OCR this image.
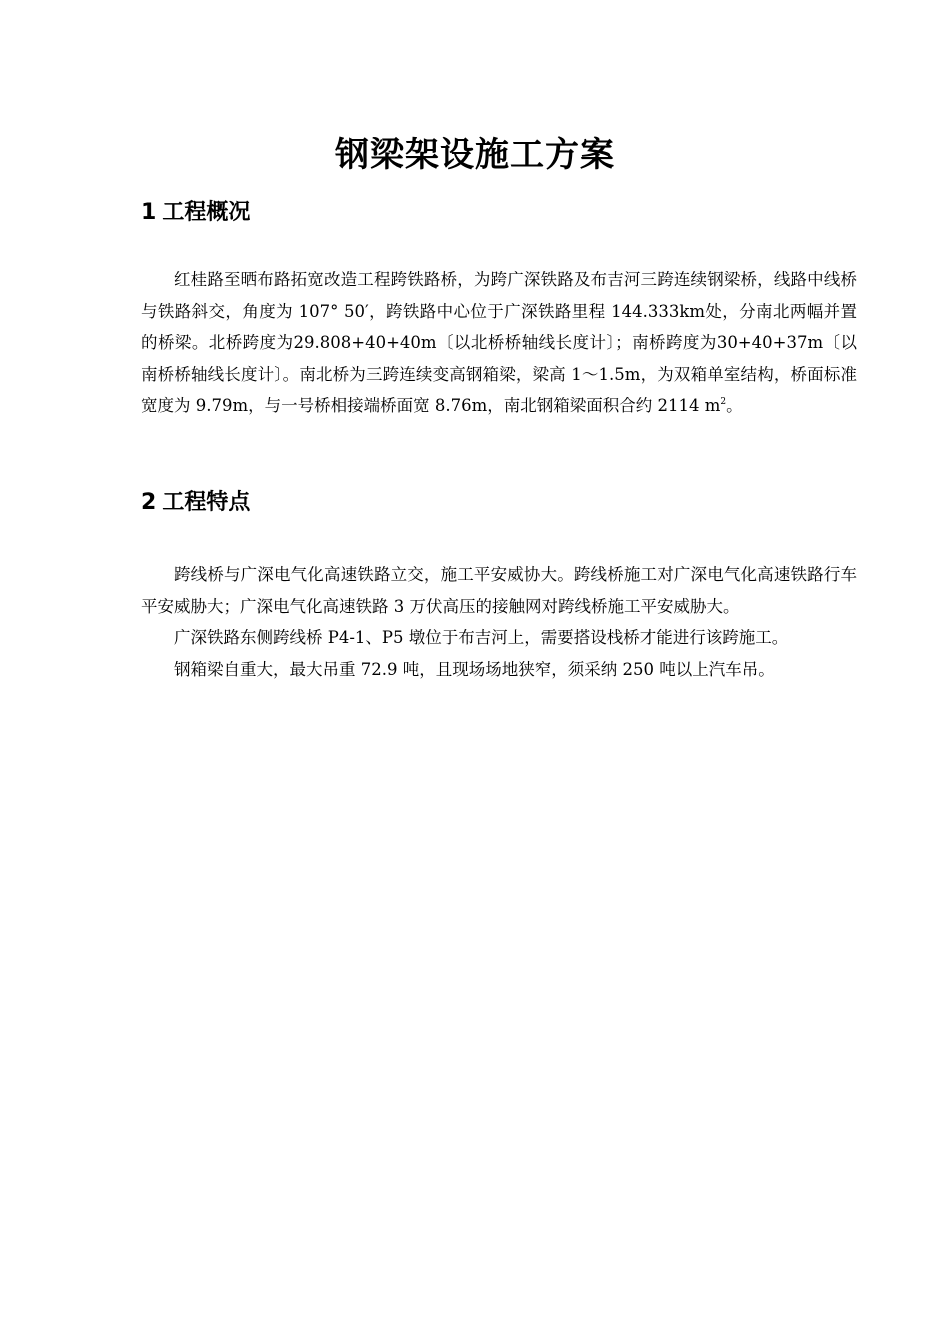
钢梁架设施工方案
1 工程概况

红桂路至晒布路拓宽改造工程跨铁路桥，为跨广深铁路及布吉河三跨连续钢梁桥，线路中线桥与铁路斜交，角度为 107° 50′，跨铁路中心位于广深铁路里程 144.333km处，分南北两幅并置的桥梁。北桥跨度为29.808+40+40m〔以北桥桥轴线长度计〕；南桥跨度为30+40+37m〔以南桥桥轴线长度计〕。南北桥为三跨连续变高钢箱梁，梁高 1～1.5m，为双箱单室结构，桥面标准宽度为 9.79m，与一号桥相接端桥面宽 8.76m，南北钢箱梁面积合约 2114 $m^2$。

2 工程特点

跨线桥与广深电气化高速铁路立交，施工平安威协大。跨线桥施工对广深电气化高速铁路行车平安威胁大；广深电气化高速铁路 3 万伏高压的接触网对跨线桥施工平安威胁大。

广深铁路东侧跨线桥 P4-1、P5 墩位于布吉河上，需要搭设栈桥才能进行该跨施工。

钢箱梁自重大，最大吊重 72.9 吨，且现场场地狭窄，须采纳 250 吨以上汽车吊。
